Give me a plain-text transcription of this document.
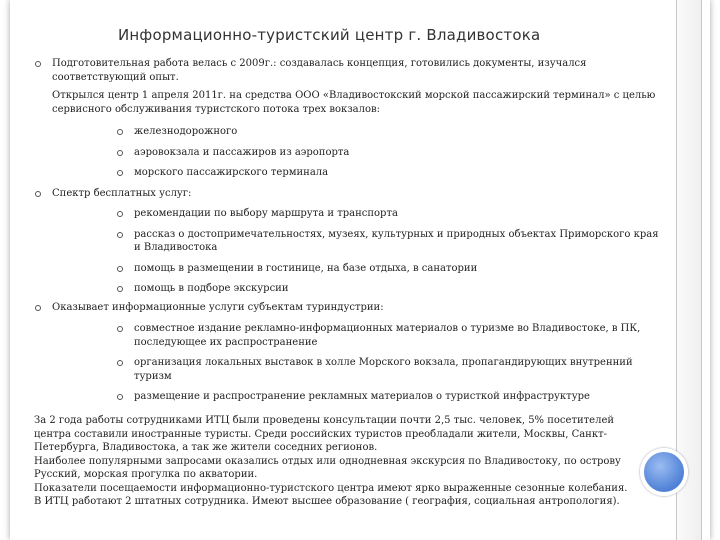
Информационно-туристский центр г. Владивостока
Подготовительная работа велась с 2009г.: создавалась концепция, готовились документы, изучался соответствующий опыт.
Открылся центр 1 апреля 2011г. на средства ООО «Владивостокский морской пассажирский терминал» с целью сервисного обслуживания туристского потока трех вокзалов:
железнодорожного
аэровокзала и пассажиров из аэропорта
морского пассажирского терминала
Спектр бесплатных услуг:
рекомендации по выбору маршрута и транспорта
рассказ о достопримечательностях, музеях, культурных и природных объектах Приморского края и Владивостока
помощь в размещении в гостинице, на базе отдыха, в санатории
помощь в подборе экскурсии
Оказывает информационные услуги субъектам туриндустрии:
совместное издание рекламно-информационных материалов о туризме во Владивостоке, в ПК, последующее их распространение
организация локальных выставок в холле Морского вокзала, пропагандирующих внутренний туризм
размещение и распространение рекламных материалов о туристкой инфраструктуре
За 2 года работы сотрудниками ИТЦ были проведены консультации почти 2,5 тыс. человек, 5% посетителей центра составили иностранные туристы. Среди российских туристов преобладали жители, Москвы, Санкт-Петербурга, Владивостока, а так же жители соседних регионов.
Наиболее популярными запросами оказались отдых или однодневная экскурсия по Владивостоку, по острову Русский, морская прогулка по акватории.
Показатели посещаемости информационно-туристского центра имеют ярко выраженные сезонные колебания.
В ИТЦ работают 2 штатных сотрудника. Имеют высшее образование ( география, социальная антропология).
